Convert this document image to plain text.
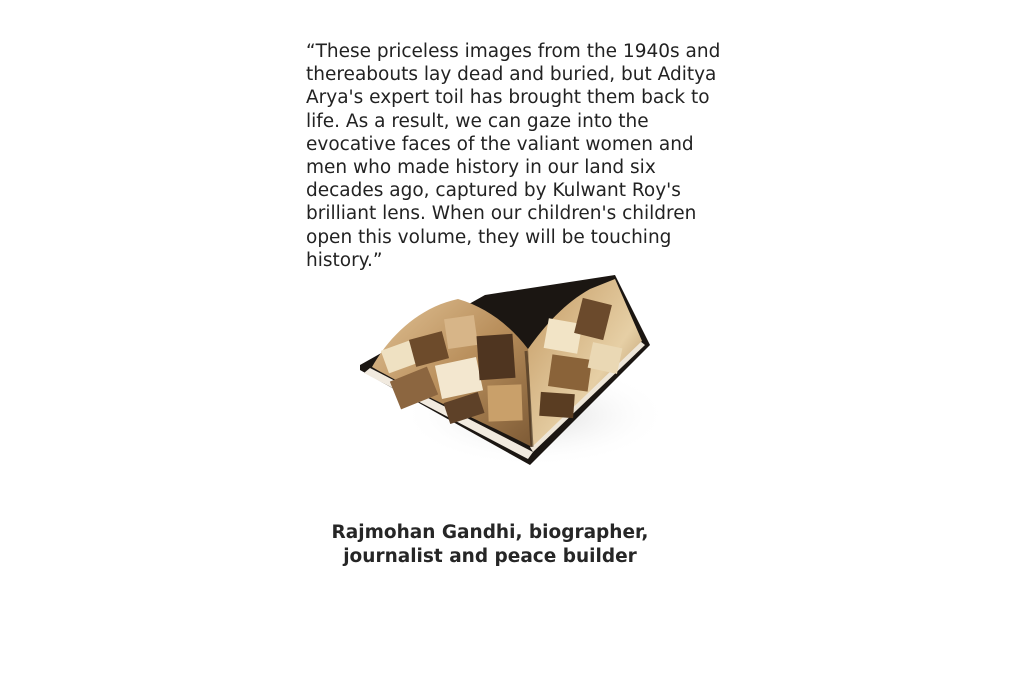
“These priceless images from the 1940s and
thereabouts lay dead and buried, but Aditya
Arya's expert toil has brought them back to
life. As a result, we can gaze into the
evocative faces of the valiant women and
men who made history in our land six
decades ago, captured by Kulwant Roy's
brilliant lens. When our children's children
open this volume, they will be touching
history.”
Rajmohan Gandhi, biographer,
journalist and peace builder
